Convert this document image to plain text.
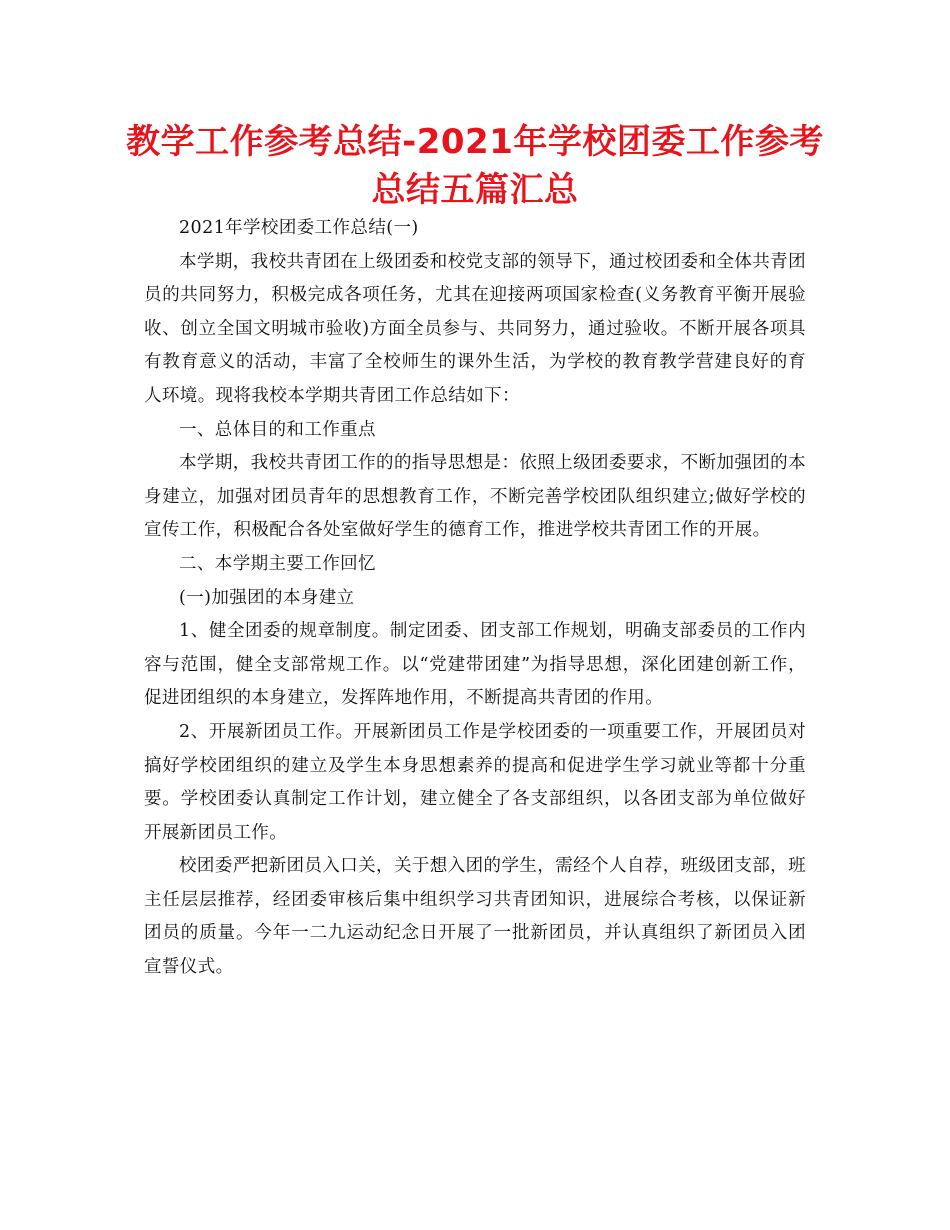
教学工作参考总结-2021年学校团委工作参考总结五篇汇总

2021年学校团委工作总结(一)

本学期，我校共青团在上级团委和校党支部的领导下，通过校团委和全体共青团员的共同努力，积极完成各项任务，尤其在迎接两项国家检查(义务教育平衡开展验收、创立全国文明城市验收)方面全员参与、共同努力，通过验收。不断开展各项具有教育意义的活动，丰富了全校师生的课外生活，为学校的教育教学营建良好的育人环境。现将我校本学期共青团工作总结如下：

一、总体目的和工作重点

本学期，我校共青团工作的的指导思想是：依照上级团委要求，不断加强团的本身建立，加强对团员青年的思想教育工作，不断完善学校团队组织建立;做好学校的宣传工作，积极配合各处室做好学生的德育工作，推进学校共青团工作的开展。

二、本学期主要工作回忆

(一)加强团的本身建立

1、健全团委的规章制度。制定团委、团支部工作规划，明确支部委员的工作内容与范围，健全支部常规工作。以“党建带团建”为指导思想，深化团建创新工作，促进团组织的本身建立，发挥阵地作用，不断提高共青团的作用。

2、开展新团员工作。开展新团员工作是学校团委的一项重要工作，开展团员对搞好学校团组织的建立及学生本身思想素养的提高和促进学生学习就业等都十分重要。学校团委认真制定工作计划，建立健全了各支部组织，以各团支部为单位做好开展新团员工作。

校团委严把新团员入口关，关于想入团的学生，需经个人自荐，班级团支部，班主任层层推荐，经团委审核后集中组织学习共青团知识，进展综合考核，以保证新团员的质量。今年一二九运动纪念日开展了一批新团员，并认真组织了新团员入团宣誓仪式。
